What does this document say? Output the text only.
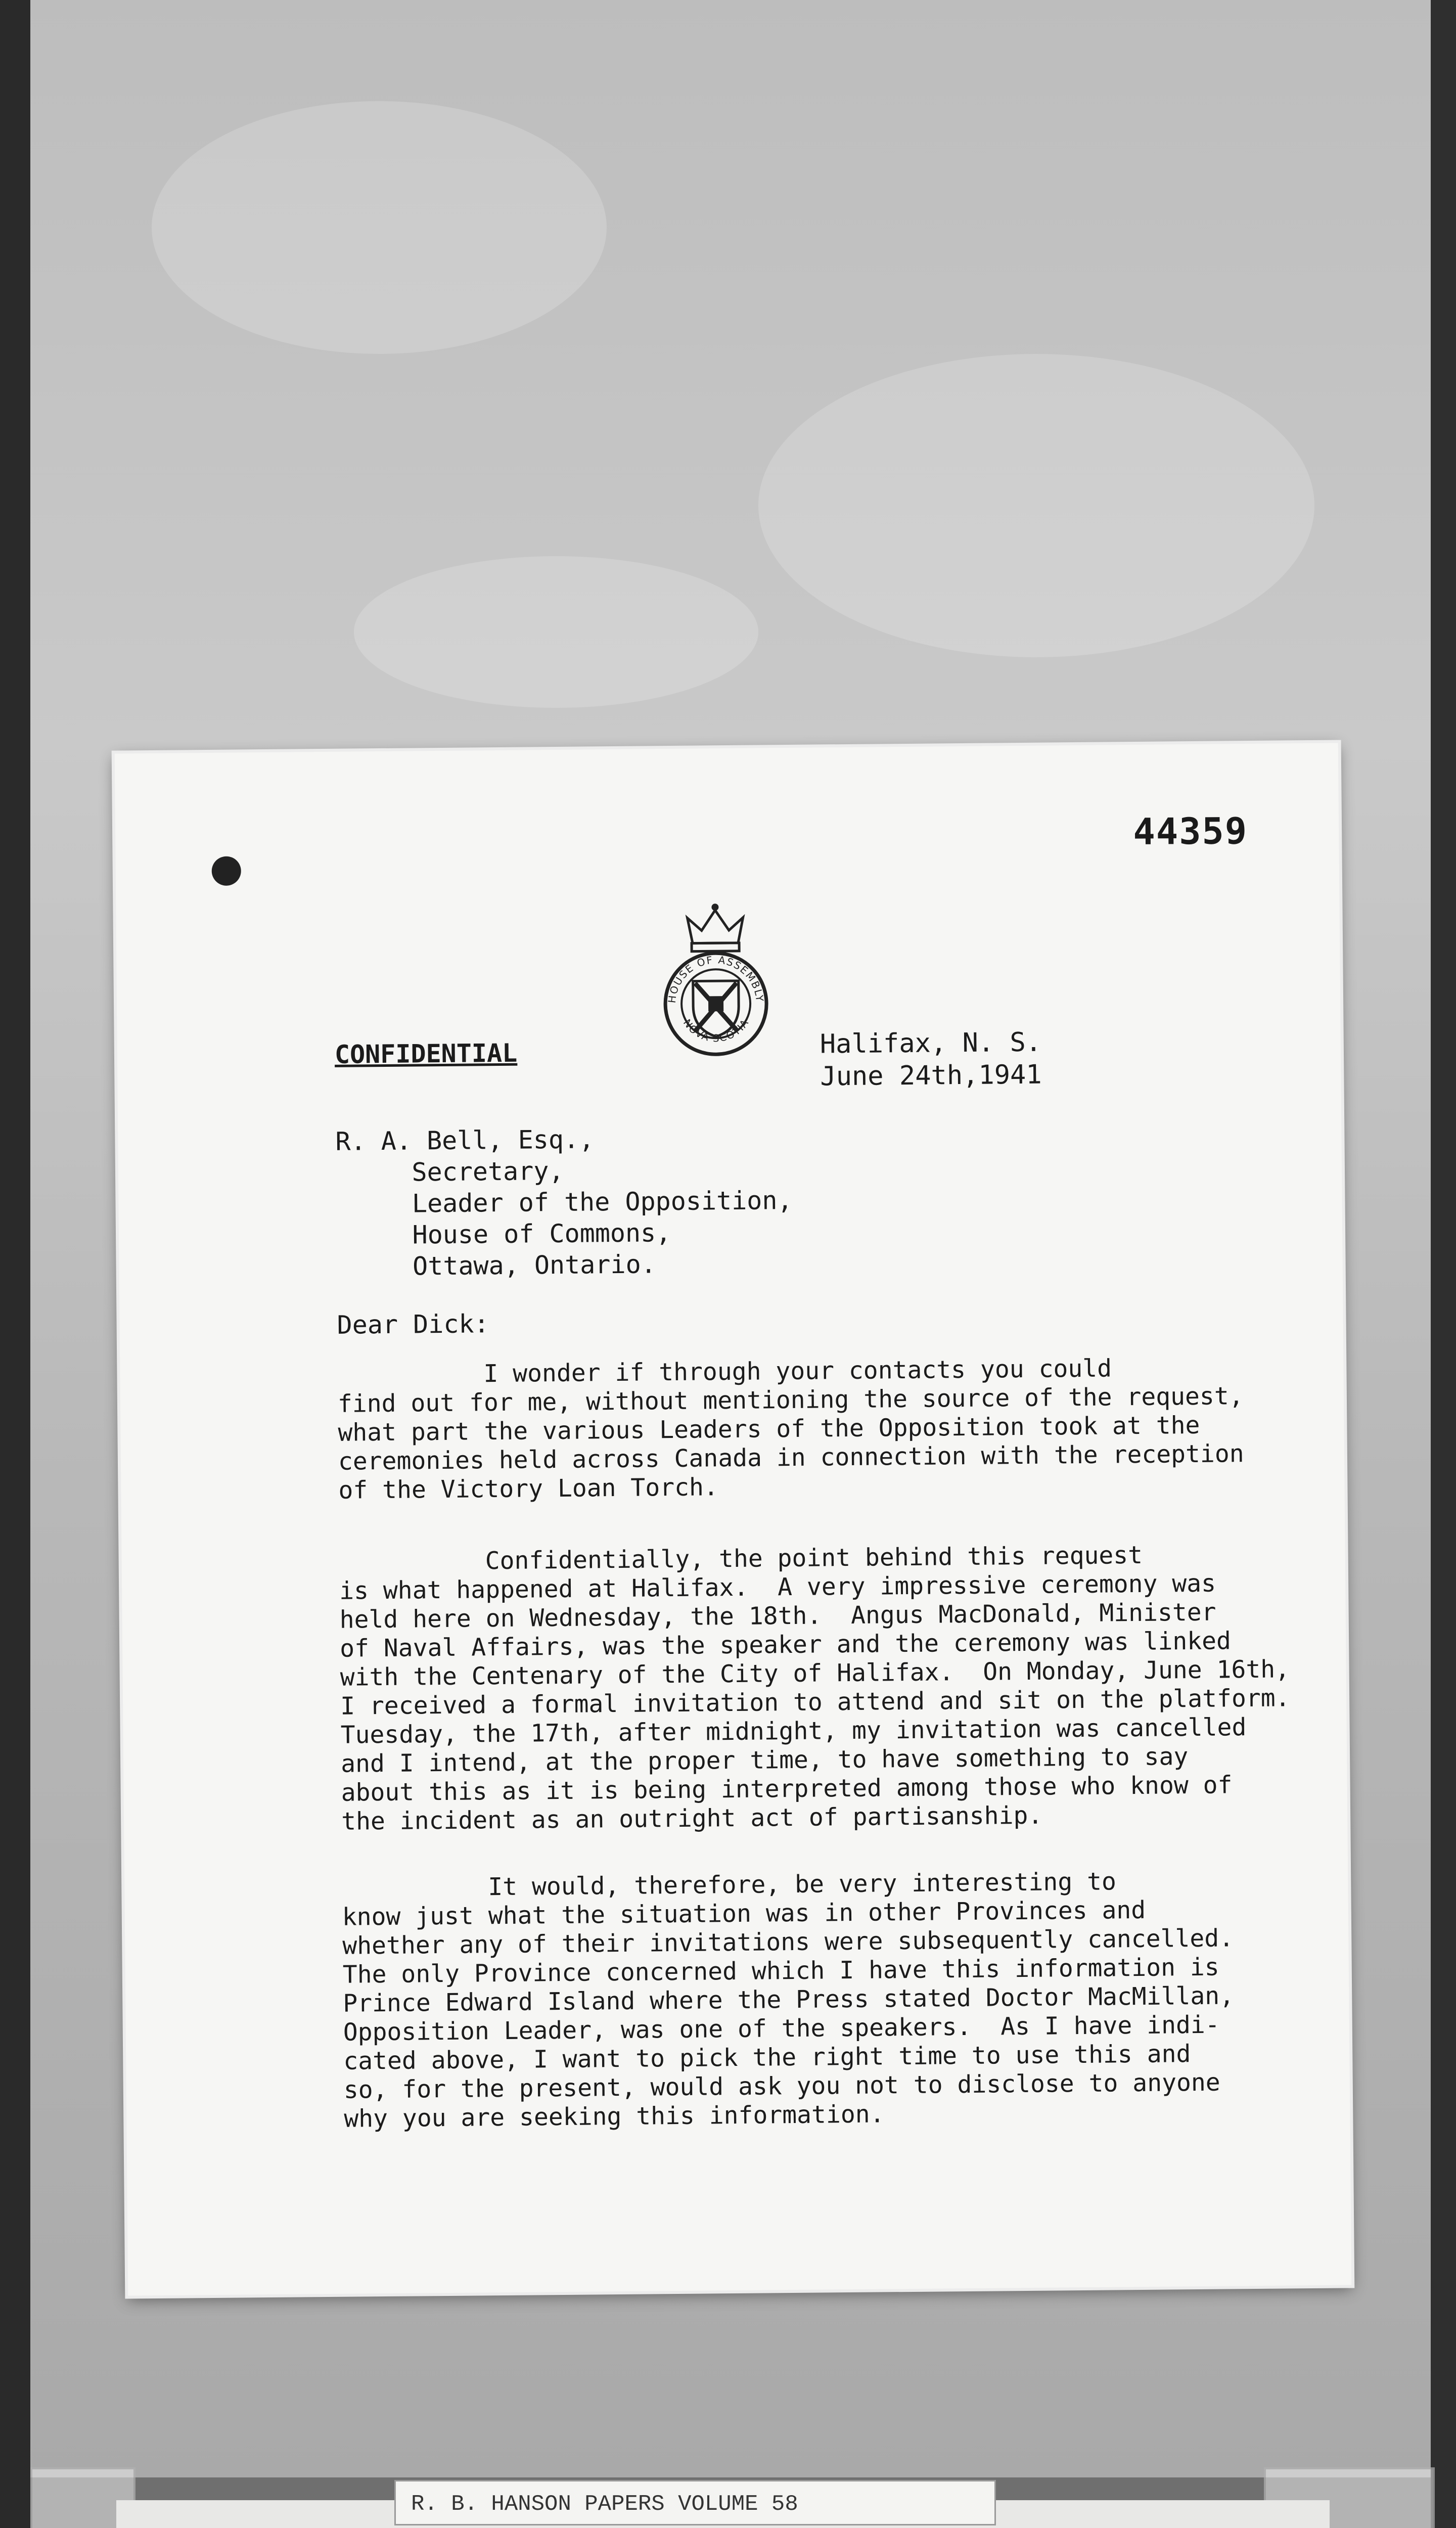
44359
HOUSE OF ASSEMBLY
NOVA SCOTIA
CONFIDENTIAL	Halifax, N. S.
June 24th,1941
R. A. Bell, Esq.,
Secretary,
Leader of the Opposition,
House of Commons,
Ottawa, Ontario.
Dear Dick:
I wonder if through your contacts you could
find out for me, without mentioning the source of the request,
what part the various Leaders of the Opposition took at the
ceremonies held across Canada in connection with the reception
of the Victory Loan Torch.
Confidentially, the point behind this request
is what happened at Halifax.  A very impressive ceremony was
held here on Wednesday, the 18th.  Angus MacDonald, Minister
of Naval Affairs, was the speaker and the ceremony was linked
with the Centenary of the City of Halifax.  On Monday, June 16th,
I received a formal invitation to attend and sit on the platform.
Tuesday, the 17th, after midnight, my invitation was cancelled
and I intend, at the proper time, to have something to say
about this as it is being interpreted among those who know of
the incident as an outright act of partisanship.
It would, therefore, be very interesting to
know just what the situation was in other Provinces and
whether any of their invitations were subsequently cancelled.
The only Province concerned which I have this information is
Prince Edward Island where the Press stated Doctor MacMillan,
Opposition Leader, was one of the speakers.  As I have indi-
cated above, I want to pick the right time to use this and
so, for the present, would ask you not to disclose to anyone
why you are seeking this information.
R. B. HANSON PAPERS VOLUME 58
